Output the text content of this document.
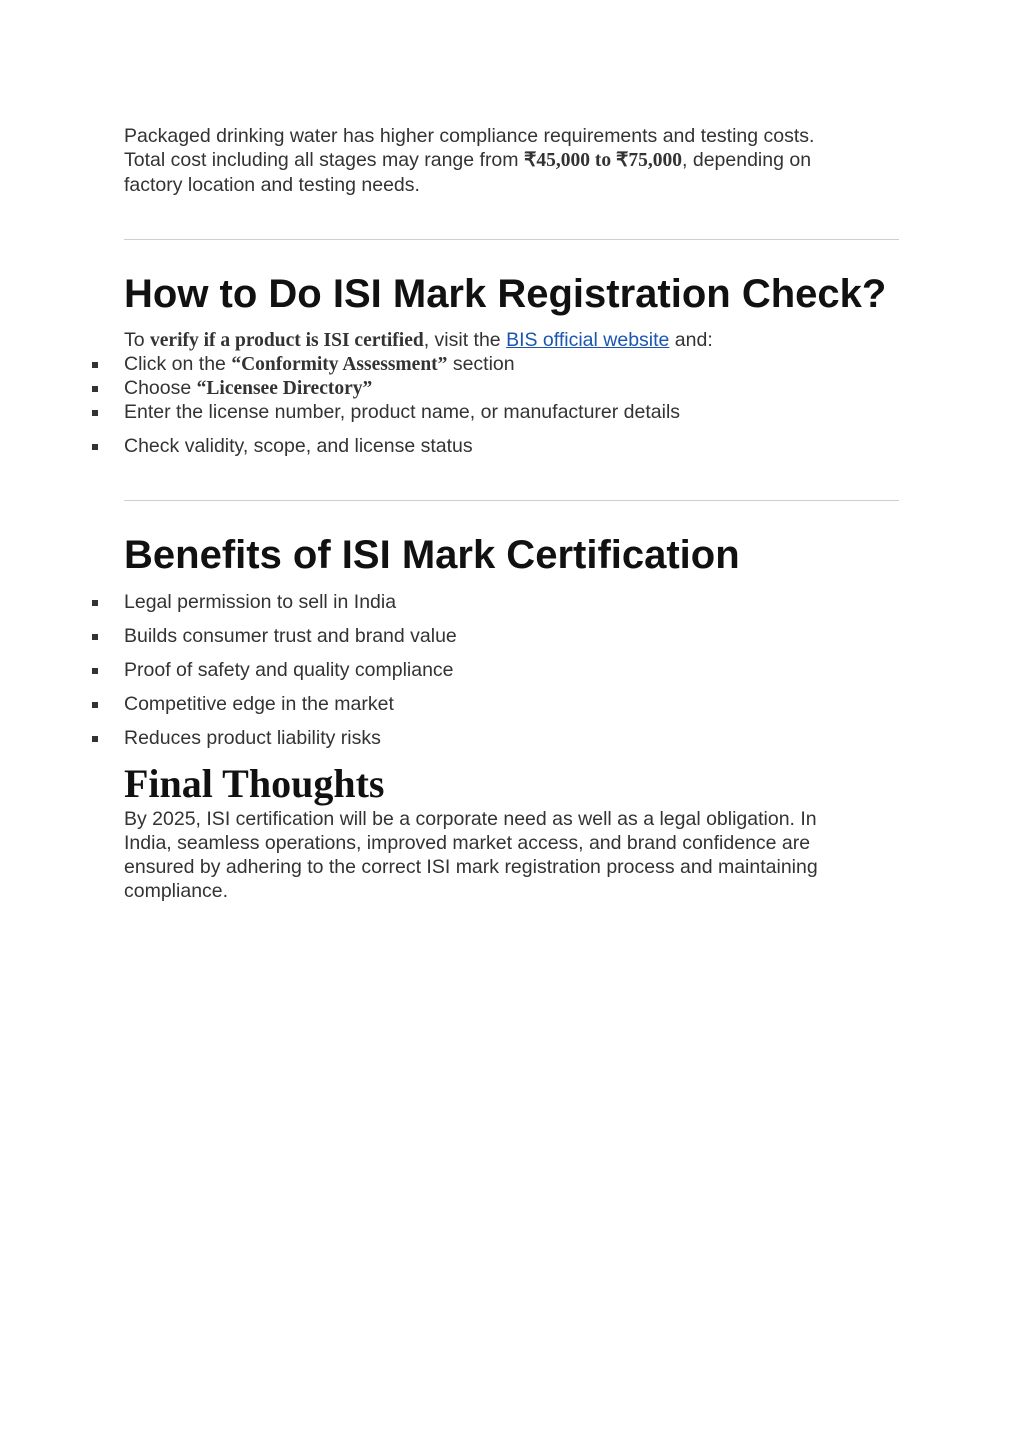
Packaged drinking water has higher compliance requirements and testing costs.
Total cost including all stages may range from ₹45,000 to ₹75,000, depending on
factory location and testing needs.
How to Do ISI Mark Registration Check?
To verify if a product is ISI certified, visit the BIS official website and:
Click on the “Conformity Assessment” section
Choose “Licensee Directory”
Enter the license number, product name, or manufacturer details
Check validity, scope, and license status
Benefits of ISI Mark Certification
Legal permission to sell in India
Builds consumer trust and brand value
Proof of safety and quality compliance
Competitive edge in the market
Reduces product liability risks
Final Thoughts
By 2025, ISI certification will be a corporate need as well as a legal obligation. In
India, seamless operations, improved market access, and brand confidence are
ensured by adhering to the correct ISI mark registration process and maintaining
compliance.
